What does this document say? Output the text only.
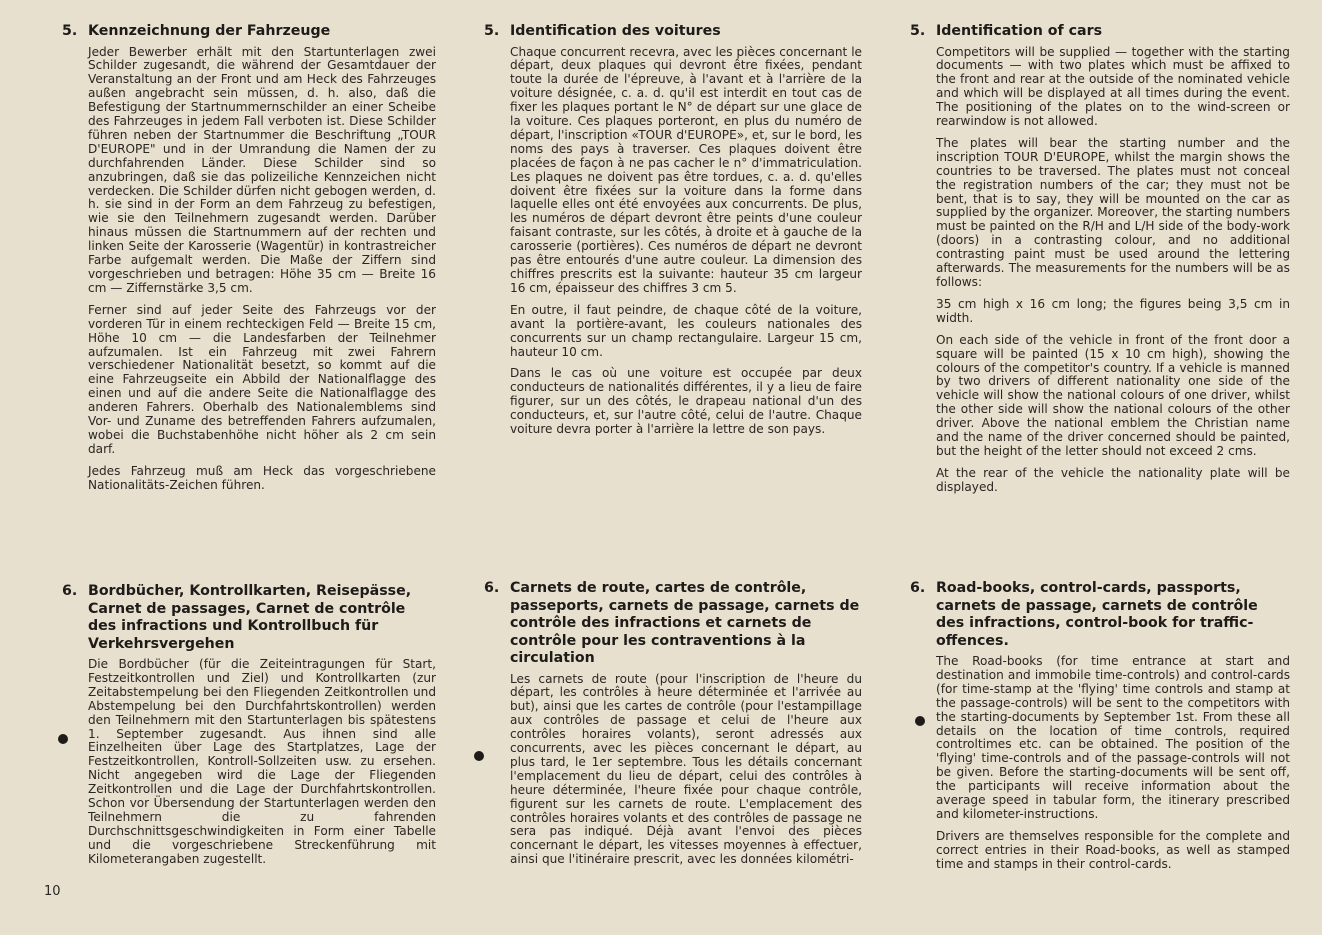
5. Kennzeichnung der Fahrzeuge

Jeder Bewerber erhält mit den Startunterlagen zwei Schilder zugesandt, die während der Gesamtdauer der Veranstaltung an der Front und am Heck des Fahrzeuges außen angebracht sein müssen, d. h. also, daß die Befestigung der Startnummernschilder an einer Scheibe des Fahrzeuges in jedem Fall verboten ist. Diese Schilder führen neben der Startnummer die Beschriftung „TOUR D'EUROPE" und in der Umrandung die Namen der zu durchfahrenden Länder. Diese Schilder sind so anzubringen, daß sie das polizeiliche Kennzeichen nicht verdecken. Die Schilder dürfen nicht gebogen werden, d. h. sie sind in der Form an dem Fahrzeug zu befestigen, wie sie den Teilnehmern zugesandt werden. Darüber hinaus müssen die Startnummern auf der rechten und linken Seite der Karosserie (Wagentür) in kontrastreicher Farbe aufgemalt werden. Die Maße der Ziffern sind vorgeschrieben und betragen: Höhe 35 cm — Breite 16 cm — Ziffernstärke 3,5 cm.

Ferner sind auf jeder Seite des Fahrzeugs vor der vorderen Tür in einem rechteckigen Feld — Breite 15 cm, Höhe 10 cm — die Landesfarben der Teilnehmer aufzumalen. Ist ein Fahrzeug mit zwei Fahrern verschiedener Nationalität besetzt, so kommt auf die eine Fahrzeugseite ein Abbild der Nationalflagge des einen und auf die andere Seite die Nationalflagge des anderen Fahrers. Oberhalb des Nationalemblems sind Vor- und Zuname des betreffenden Fahrers aufzumalen, wobei die Buchstabenhöhe nicht höher als 2 cm sein darf.

Jedes Fahrzeug muß am Heck das vorgeschriebene Nationalitäts-Zeichen führen.

6. Bordbücher, Kontrollkarten, Reisepässe, Carnet de passages, Carnet de contrôle des infractions und Kontrollbuch für Verkehrsvergehen

Die Bordbücher (für die Zeiteintragungen für Start, Festzeitkontrollen und Ziel) und Kontrollkarten (zur Zeitabstempelung bei den Fliegenden Zeitkontrollen und Abstempelung bei den Durchfahrtskontrollen) werden den Teilnehmern mit den Startunterlagen bis spätestens 1. September zugesandt. Aus ihnen sind alle Einzelheiten über Lage des Startplatzes, Lage der Festzeitkontrollen, Kontroll-Sollzeiten usw. zu ersehen. Nicht angegeben wird die Lage der Fliegenden Zeitkontrollen und die Lage der Durchfahrtskontrollen. Schon vor Übersendung der Startunterlagen werden den Teilnehmern die zu fahrenden Durchschnittsgeschwindigkeiten in Form einer Tabelle und die vorgeschriebene Streckenführung mit Kilometerangaben zugestellt.

5. Identification des voitures

Chaque concurrent recevra, avec les pièces concernant le départ, deux plaques qui devront être fixées, pendant toute la durée de l'épreuve, à l'avant et à l'arrière de la voiture désignée, c. a. d. qu'il est interdit en tout cas de fixer les plaques portant le N° de départ sur une glace de la voiture. Ces plaques porteront, en plus du numéro de départ, l'inscription «TOUR d'EUROPE», et, sur le bord, les noms des pays à traverser. Ces plaques doivent être placées de façon à ne pas cacher le n° d'immatriculation. Les plaques ne doivent pas être tordues, c. a. d. qu'elles doivent être fixées sur la voiture dans la forme dans laquelle elles ont été envoyées aux concurrents. De plus, les numéros de départ devront être peints d'une couleur faisant contraste, sur les côtés, à droite et à gauche de la carosserie (portières). Ces numéros de départ ne devront pas être entourés d'une autre couleur. La dimension des chiffres prescrits est la suivante: hauteur 35 cm largeur 16 cm, épaisseur des chiffres 3 cm 5.

En outre, il faut peindre, de chaque côté de la voiture, avant la portière-avant, les couleurs nationales des concurrents sur un champ rectangulaire. Largeur 15 cm, hauteur 10 cm.

Dans le cas où une voiture est occupée par deux conducteurs de nationalités différentes, il y a lieu de faire figurer, sur un des côtés, le drapeau national d'un des conducteurs, et, sur l'autre côté, celui de l'autre. Chaque voiture devra porter à l'arrière la lettre de son pays.

6. Carnets de route, cartes de contrôle, passeports, carnets de passage, carnets de contrôle des infractions et carnets de contrôle pour les contraventions à la circulation

Les carnets de route (pour l'inscription de l'heure du départ, les contrôles à heure déterminée et l'arrivée au but), ainsi que les cartes de contrôle (pour l'estampillage aux contrôles de passage et celui de l'heure aux contrôles horaires volants), seront adressés aux concurrents, avec les pièces concernant le départ, au plus tard, le 1er septembre. Tous les détails concernant l'emplacement du lieu de départ, celui des contrôles à heure déterminée, l'heure fixée pour chaque contrôle, figurent sur les carnets de route. L'emplacement des contrôles horaires volants et des contrôles de passage ne sera pas indiqué. Déjà avant l'envoi des pièces concernant le départ, les vitesses moyennes à effectuer, ainsi que l'itinéraire prescrit, avec les données kilométri-

5. Identification of cars

Competitors will be supplied — together with the starting documents — with two plates which must be affixed to the front and rear at the outside of the nominated vehicle and which will be displayed at all times during the event. The positioning of the plates on to the wind-screen or rearwindow is not allowed.

The plates will bear the starting number and the inscription TOUR D'EUROPE, whilst the margin shows the countries to be traversed. The plates must not conceal the registration numbers of the car; they must not be bent, that is to say, they will be mounted on the car as supplied by the organizer. Moreover, the starting numbers must be painted on the R/H and L/H side of the body-work (doors) in a contrasting colour, and no additional contrasting paint must be used around the lettering afterwards. The measurements for the numbers will be as follows:

35 cm high x 16 cm long; the figures being 3,5 cm in width.

On each side of the vehicle in front of the front door a square will be painted (15 x 10 cm high), showing the colours of the competitor's country. If a vehicle is manned by two drivers of different nationality one side of the vehicle will show the national colours of one driver, whilst the other side will show the national colours of the other driver. Above the national emblem the Christian name and the name of the driver concerned should be painted, but the height of the letter should not exceed 2 cms.

At the rear of the vehicle the nationality plate will be displayed.

6. Road-books, control-cards, passports, carnets de passage, carnets de contrôle des infractions, control-book for traffic-offences.

The Road-books (for time entrance at start and destination and immobile time-controls) and control-cards (for time-stamp at the 'flying' time controls and stamp at the passage-controls) will be sent to the competitors with the starting-documents by September 1st. From these all details on the location of time controls, required controltimes etc. can be obtained. The position of the 'flying' time-controls and of the passage-controls will not be given. Before the starting-documents will be sent off, the participants will receive information about the average speed in tabular form, the itinerary prescribed and kilometer-instructions.

Drivers are themselves responsible for the complete and correct entries in their Road-books, as well as stamped time and stamps in their control-cards.

10
